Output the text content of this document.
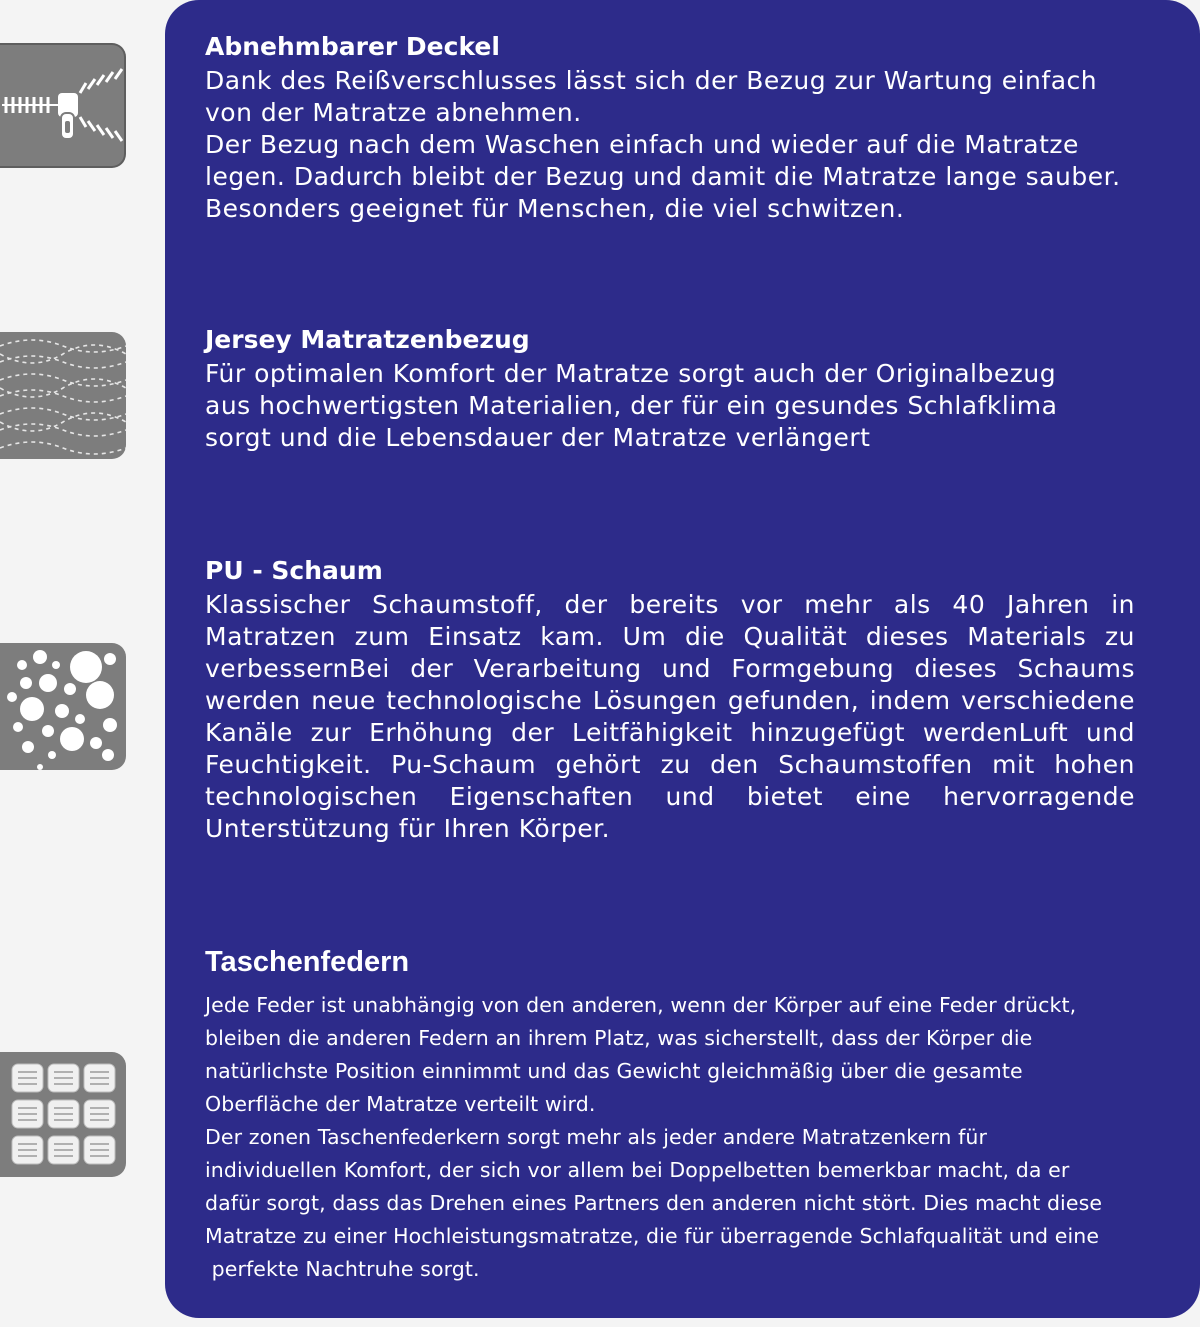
Abnehmbarer Deckel

Dank des Reißverschlusses lässt sich der Bezug zur Wartung einfach

von der Matratze abnehmen.

Der Bezug nach dem Waschen einfach und wieder auf die Matratze

legen. Dadurch bleibt der Bezug und damit die Matratze lange sauber.

Besonders geeignet für Menschen, die viel schwitzen.

Jersey Matratzenbezug

Für optimalen Komfort der Matratze sorgt auch der Originalbezug

aus hochwertigsten Materialien, der für ein gesundes Schlafklima

sorgt und die Lebensdauer der Matratze verlängert

PU - Schaum

Klassischer Schaumstoff, der bereits vor mehr als 40 Jahren in Matratzen zum Einsatz kam. Um die Qualität dieses Materials zu verbessernBei der Verarbeitung und Formgebung dieses Schaums werden neue technologische Lösungen gefunden, indem verschiedene Kanäle zur Erhöhung der Leitfähigkeit hinzugefügt werdenLuft und Feuchtigkeit. Pu-Schaum gehört zu den Schaumstoffen mit hohen technologischen Eigenschaften und bietet eine hervorragende Unterstützung für Ihren Körper.

Taschenfedern

Jede Feder ist unabhängig von den anderen, wenn der Körper auf eine Feder drückt,

bleiben die anderen Federn an ihrem Platz, was sicherstellt, dass der Körper die

natürlichste Position einnimmt und das Gewicht gleichmäßig über die gesamte

Oberfläche der Matratze verteilt wird.

Der zonen Taschenfederkern sorgt mehr als jeder andere Matratzenkern für

individuellen Komfort, der sich vor allem bei Doppelbetten bemerkbar macht, da er

dafür sorgt, dass das Drehen eines Partners den anderen nicht stört. Dies macht diese

Matratze zu einer Hochleistungsmatratze, die für überragende Schlafqualität und eine

perfekte Nachtruhe sorgt.
